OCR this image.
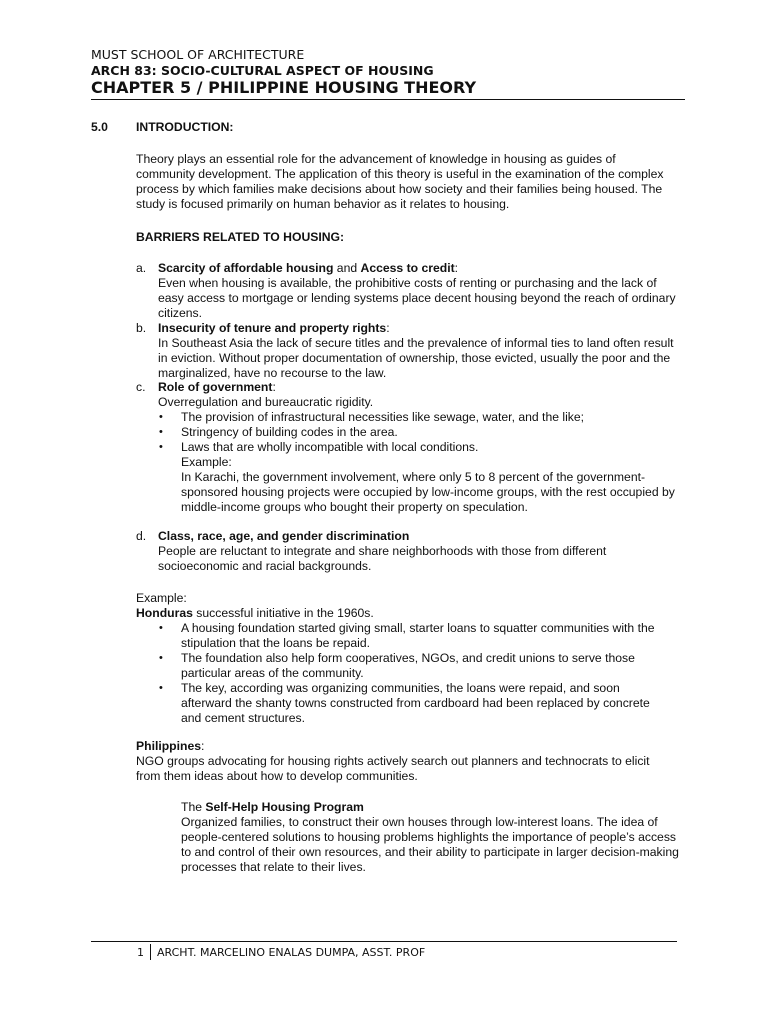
MUST SCHOOL OF ARCHITECTURE
ARCH 83: SOCIO-CULTURAL ASPECT OF HOUSING
CHAPTER 5 / PHILIPPINE HOUSING THEORY
5.0 INTRODUCTION:

Theory plays an essential role for the advancement of knowledge in housing as guides of community development. The application of this theory is useful in the examination of the complex process by which families make decisions about how society and their families being housed. The study is focused primarily on human behavior as it relates to housing.

BARRIERS RELATED TO HOUSING:
a. Scarcity of affordable housing and Access to credit:

Even when housing is available, the prohibitive costs of renting or purchasing and the lack of easy access to mortgage or lending systems place decent housing beyond the reach of ordinary citizens.

b. Insecurity of tenure and property rights:

In Southeast Asia the lack of secure titles and the prevalence of informal ties to land often result in eviction. Without proper documentation of ownership, those evicted, usually the poor and the marginalized, have no recourse to the law.

c.	Role of government:

Overregulation and bureaucratic rigidity.

•	The provision of infrastructural necessities like sewage, water, and the like;
•	Stringency of building codes in the area.
•	Laws that are wholly incompatible with local conditions.
Example:

In Karachi, the government involvement, where only 5 to 8 percent of the government-sponsored housing projects were occupied by low-income groups, with the rest occupied by middle-income groups who bought their property on speculation.

d. Class, race, age, and gender discrimination

People are reluctant to integrate and share neighborhoods with those from different socioeconomic and racial backgrounds.

Example:
Honduras successful initiative in the 1960s.
•	A housing foundation started giving small, starter loans to squatter communities with the stipulation that the loans be repaid.

•	The foundation also help form cooperatives, NGOs, and credit unions to serve those particular areas of the community.

•	The key, according was organizing communities, the loans were repaid, and soon afterward the shanty towns constructed from cardboard had been replaced by concrete and cement structures.

Philippines:

NGO groups advocating for housing rights actively search out planners and technocrats to elicit from them ideas about how to develop communities.

The Self-Help Housing Program

Organized families, to construct their own houses through low-interest loans. The idea of people-centered solutions to housing problems highlights the importance of people’s access to and control of their own resources, and their ability to participate in larger decision-making processes that relate to their lives.

1 ARCHT. MARCELINO ENALAS DUMPA, ASST. PROF
